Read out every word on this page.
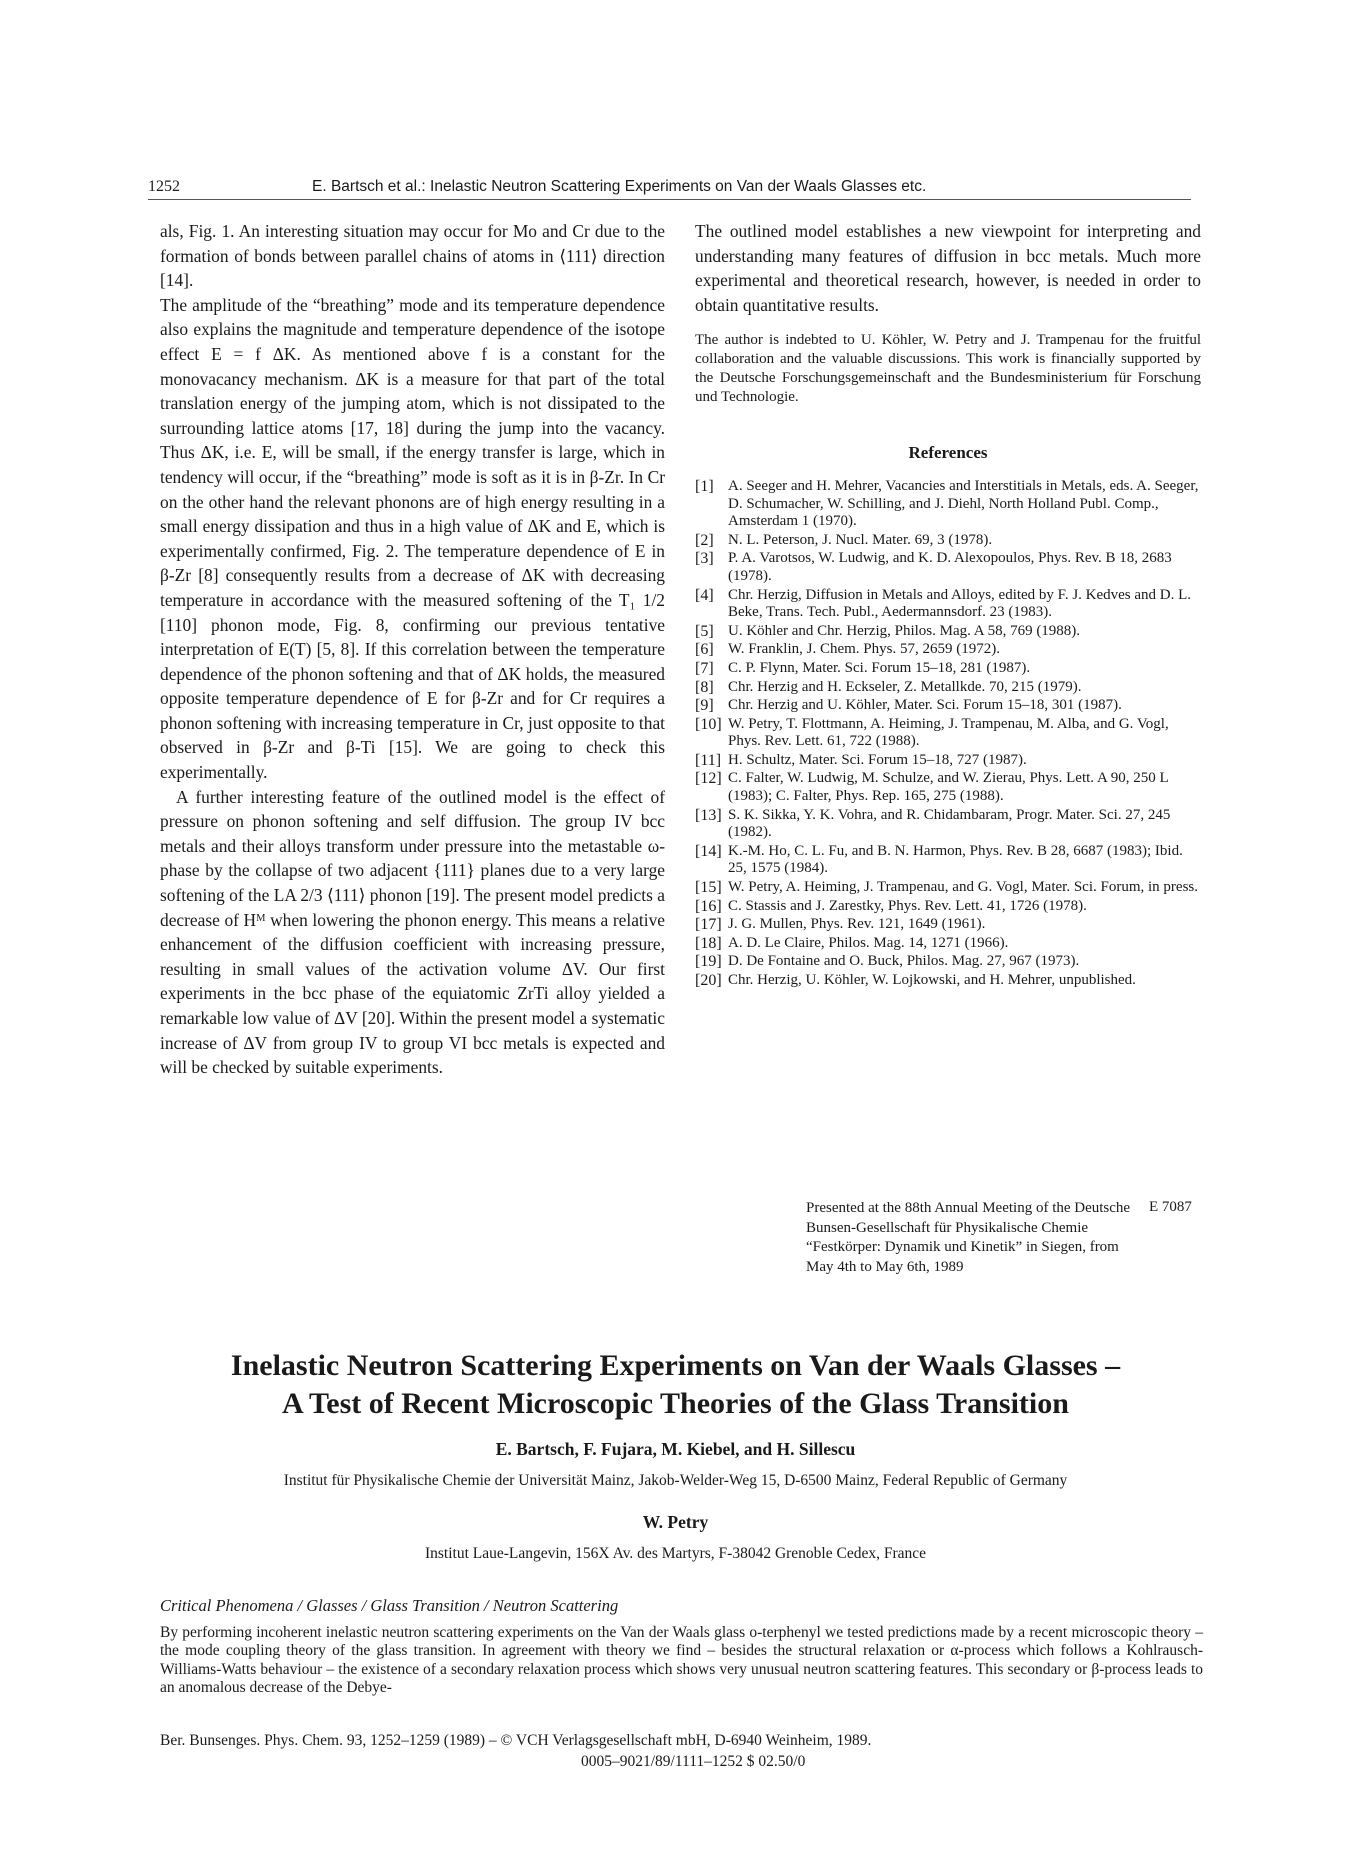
1252	E. Bartsch et al.: Inelastic Neutron Scattering Experiments on Van der Waals Glasses etc.

als, Fig. 1. An interesting situation may occur for Mo and Cr due to the formation of bonds between parallel chains of atoms in ⟨111⟩ direction [14].

The amplitude of the “breathing” mode and its temperature dependence also explains the magnitude and temperature dependence of the isotope effect E = f ΔK. As mentioned above f is a constant for the monovacancy mechanism. ΔK is a measure for that part of the total translation energy of the jumping atom, which is not dissipated to the surrounding lattice atoms [17, 18] during the jump into the vacancy. Thus ΔK, i.e. E, will be small, if the energy transfer is large, which in tendency will occur, if the “breathing” mode is soft as it is in β-Zr. In Cr on the other hand the relevant phonons are of high energy resulting in a small energy dissipation and thus in a high value of ΔK and E, which is experimentally confirmed, Fig. 2. The temperature dependence of E in β-Zr [8] consequently results from a decrease of ΔK with decreasing temperature in accordance with the measured softening of the T₁ 1/2 [110] phonon mode, Fig. 8, confirming our previous tentative interpretation of E(T) [5, 8]. If this correlation between the temperature dependence of the phonon softening and that of ΔK holds, the measured opposite temperature dependence of E for β-Zr and for Cr requires a phonon softening with increasing temperature in Cr, just opposite to that observed in β-Zr and β-Ti [15]. We are going to check this experimentally.

A further interesting feature of the outlined model is the effect of pressure on phonon softening and self diffusion. The group IV bcc metals and their alloys transform under pressure into the metastable ω-phase by the collapse of two adjacent {111} planes due to a very large softening of the LA 2/3 ⟨111⟩ phonon [19]. The present model predicts a decrease of Hᴹ when lowering the phonon energy. This means a relative enhancement of the diffusion coefficient with increasing pressure, resulting in small values of the activation volume ΔV. Our first experiments in the bcc phase of the equiatomic ZrTi alloy yielded a remarkable low value of ΔV [20]. Within the present model a systematic increase of ΔV from group IV to group VI bcc metals is expected and will be checked by suitable experiments.

The outlined model establishes a new viewpoint for interpreting and understanding many features of diffusion in bcc metals. Much more experimental and theoretical research, however, is needed in order to obtain quantitative results.

The author is indebted to U. Köhler, W. Petry and J. Trampenau for the fruitful collaboration and the valuable discussions. This work is financially supported by the Deutsche Forschungsgemeinschaft and the Bundesministerium für Forschung und Technologie.

References

[1] A. Seeger and H. Mehrer, Vacancies and Interstitials in Metals, eds. A. Seeger, D. Schumacher, W. Schilling, and J. Diehl, North Holland Publ. Comp., Amsterdam 1 (1970).
[2] N. L. Peterson, J. Nucl. Mater. 69, 3 (1978).
[3] P. A. Varotsos, W. Ludwig, and K. D. Alexopoulos, Phys. Rev. B 18, 2683 (1978).
[4] Chr. Herzig, Diffusion in Metals and Alloys, edited by F. J. Kedves and D. L. Beke, Trans. Tech. Publ., Aedermannsdorf. 23 (1983).
[5] U. Köhler and Chr. Herzig, Philos. Mag. A 58, 769 (1988).
[6] W. Franklin, J. Chem. Phys. 57, 2659 (1972).
[7] C. P. Flynn, Mater. Sci. Forum 15–18, 281 (1987).
[8] Chr. Herzig and H. Eckseler, Z. Metallkde. 70, 215 (1979).
[9] Chr. Herzig and U. Köhler, Mater. Sci. Forum 15–18, 301 (1987).
[10] W. Petry, T. Flottmann, A. Heiming, J. Trampenau, M. Alba, and G. Vogl, Phys. Rev. Lett. 61, 722 (1988).
[11] H. Schultz, Mater. Sci. Forum 15–18, 727 (1987).
[12] C. Falter, W. Ludwig, M. Schulze, and W. Zierau, Phys. Lett. A 90, 250 L (1983); C. Falter, Phys. Rep. 165, 275 (1988).
[13] S. K. Sikka, Y. K. Vohra, and R. Chidambaram, Progr. Mater. Sci. 27, 245 (1982).
[14] K.-M. Ho, C. L. Fu, and B. N. Harmon, Phys. Rev. B 28, 6687 (1983); Ibid. 25, 1575 (1984).
[15] W. Petry, A. Heiming, J. Trampenau, and G. Vogl, Mater. Sci. Forum, in press.
[16] C. Stassis and J. Zarestky, Phys. Rev. Lett. 41, 1726 (1978).
[17] J. G. Mullen, Phys. Rev. 121, 1649 (1961).
[18] A. D. Le Claire, Philos. Mag. 14, 1271 (1966).
[19] D. De Fontaine and O. Buck, Philos. Mag. 27, 967 (1973).
[20] Chr. Herzig, U. Köhler, W. Lojkowski, and H. Mehrer, unpublished.
Presented at the 88th Annual Meeting of the Deutsche Bunsen-Gesellschaft für Physikalische Chemie “Festkörper: Dynamik und Kinetik” in Siegen, from May 4th to May 6th, 1989
E 7087

Inelastic Neutron Scattering Experiments on Van der Waals Glasses –

A Test of Recent Microscopic Theories of the Glass Transition

E. Bartsch, F. Fujara, M. Kiebel, and H. Sillescu
Institut für Physikalische Chemie der Universität Mainz, Jakob-Welder-Weg 15, D-6500 Mainz, Federal Republic of Germany
W. Petry
Institut Laue-Langevin, 156X Av. des Martyrs, F-38042 Grenoble Cedex, France
Critical Phenomena / Glasses / Glass Transition / Neutron Scattering
By performing incoherent inelastic neutron scattering experiments on the Van der Waals glass o-terphenyl we tested predictions made by a recent microscopic theory – the mode coupling theory of the glass transition. In agreement with theory we find – besides the structural relaxation or α-process which follows a Kohlrausch-Williams-Watts behaviour – the existence of a secondary relaxation process which shows very unusual neutron scattering features. This secondary or β-process leads to an anomalous decrease of the Debye-
Ber. Bunsenges. Phys. Chem. 93, 1252–1259 (1989) – © VCH Verlagsgesellschaft mbH, D-6940 Weinheim, 1989.
0005–9021/89/1111–1252 $ 02.50/0
